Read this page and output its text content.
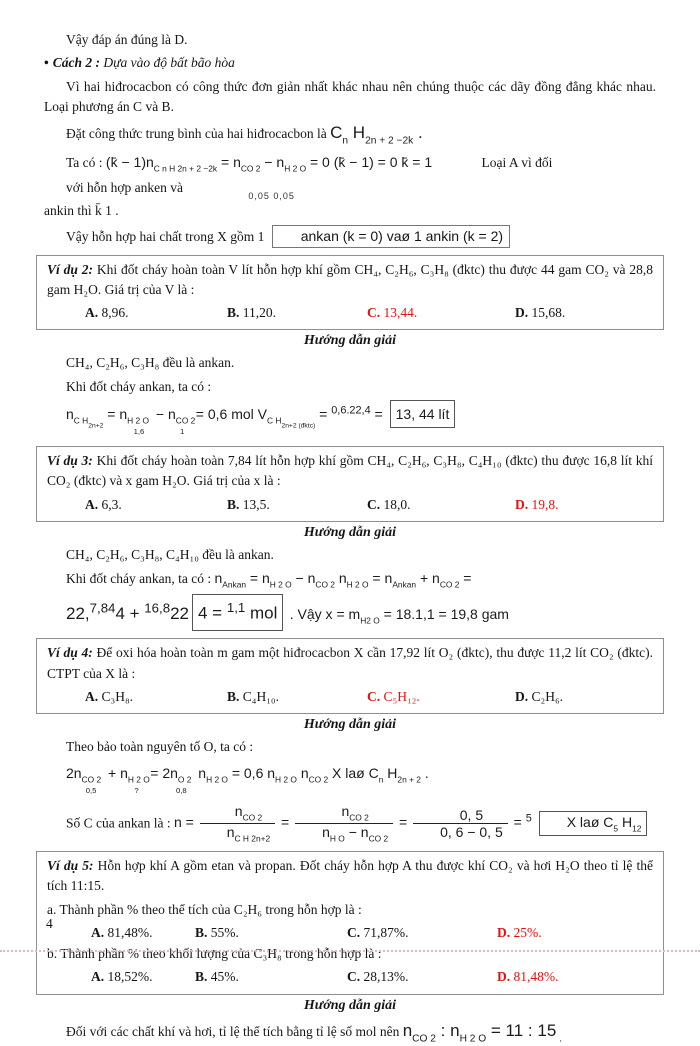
Vậy đáp án đúng là D.

• Cách 2 : Dựa vào độ bất bão hòa

Vì hai hiđrocacbon có công thức đơn giản nhất khác nhau nên chúng thuộc các dãy đồng đẳng khác nhau. Loại phương án C và B.

Đặt công thức trung bình của hai hiđrocacbon là $C_n$ $H_{2n + 2 -2k}$ .

Ta có : (k̄ − $1)n_{C n H 2n + 2 -2k} = n_{CO 2} - n_{H 2 O} = 0$ (k̄ − 1) = 0 k̄ = 1	Loại A vì đối

với hỗn hợp anken và $_{0,05 0,05}$

ankin thì k̄ 1 .

Vậy hỗn hợp hai chất trong X gồm 1	ankan (k = 0) vaø 1 ankin (k = 2)

Ví dụ 2: Khi đốt cháy hoàn toàn V lít hỗn hợp khí gồm CH₄, C₂H₆, C₃H₈ (đktc) thu được 44 gam CO₂ và 28,8 gam H₂O. Giá trị của V là :

A. 8,96.	B. 11,20.	C. 13,44.	D. 15,68.

Hướng dẫn giải

CH₄, C₂H₆, C₃H₈ đều là ankan.

Khi đốt cháy ankan, ta có :

$n_{C H2n+2} = n_{H 2 O1,6} - n_{CO 21} = 0,6$ mol $V_{C H2n+2 (đktc)} = ^{0,6.22,4} = 13$, 44 lít

Ví dụ 3: Khi đốt cháy hoàn toàn 7,84 lít hỗn hợp khí gồm CH₄, C₂H₆, C₃H₈, C₄H₁₀ (đktc) thu được 16,8 lít khí CO₂ (đktc) và x gam H₂O. Giá trị của x là :

A. 6,3.	B. 13,5.	C. 18,0.	D. 19,8.

Hướng dẫn giải

CH₄, C₂H₆, C₃H₈, C₄H₁₀ đều là ankan.

Khi đốt cháy ankan, ta có : $n_{Ankan} = n_{H 2 O} - n_{CO 2}$ $n_{H 2 O} = n_{Ankan} + n_{CO 2}$ =

22,$^{7,84}$4 + $^{16,8}$22 4 = $^{1,1}$ mol . Vậy $x = m_{H2 O} = 18.1,1 = 19,8$ gam

Ví dụ 4: Để oxi hóa hoàn toàn m gam một hiđrocacbon X cần 17,92 lít O₂ (đktc), thu được 11,2 lít CO₂ (đktc). CTPT của X là :

A. C₃H₈.	B. C₄H₁₀.	C. C₅H₁₂.	D. C₂H₆.

Hướng dẫn giải

Theo bảo toàn nguyên tố O, ta có :

$2n_{CO 20,5} + n_{H 2 O?} = 2n_{O 20,8}$ $n_{H 2 O} = 0,6$ $n_{H 2 O}$ $n_{CO 2}$ X laø $C_n$ $H_{2n + 2}$ .

Số C của ankan là : $n = \frac{n_{CO 2}}{n_{C H 2n+2}} = \frac{n_{CO 2}}{n_{H O} - n_{CO 2}} = \frac{0, 5}{0, 6 - 0, 5} = ^5$ X laø $C_5$ $H_{12}$

Ví dụ 5: Hỗn hợp khí A gồm etan và propan. Đốt cháy hỗn hợp A thu được khí CO₂ và hơi H₂O theo tỉ lệ thể tích 11:15.

a. Thành phần % theo thể tích của C₂H₆ trong hỗn hợp là :

A. 81,48%.	B. 55%.	C. 71,87%.	D. 25%.

b. Thành phần % theo khối lượng của C₃H₈ trong hỗn hợp là :

A. 18,52%.	B. 45%.	C. 28,13%.	D. 81,48%.

Hướng dẫn giải

Đối với các chất khí và hơi, tỉ lệ thể tích bằng tỉ lệ số mol nên $n_{CO 2}$ : $n_{H 2 O} = 11$ : 15 $_.$

4
